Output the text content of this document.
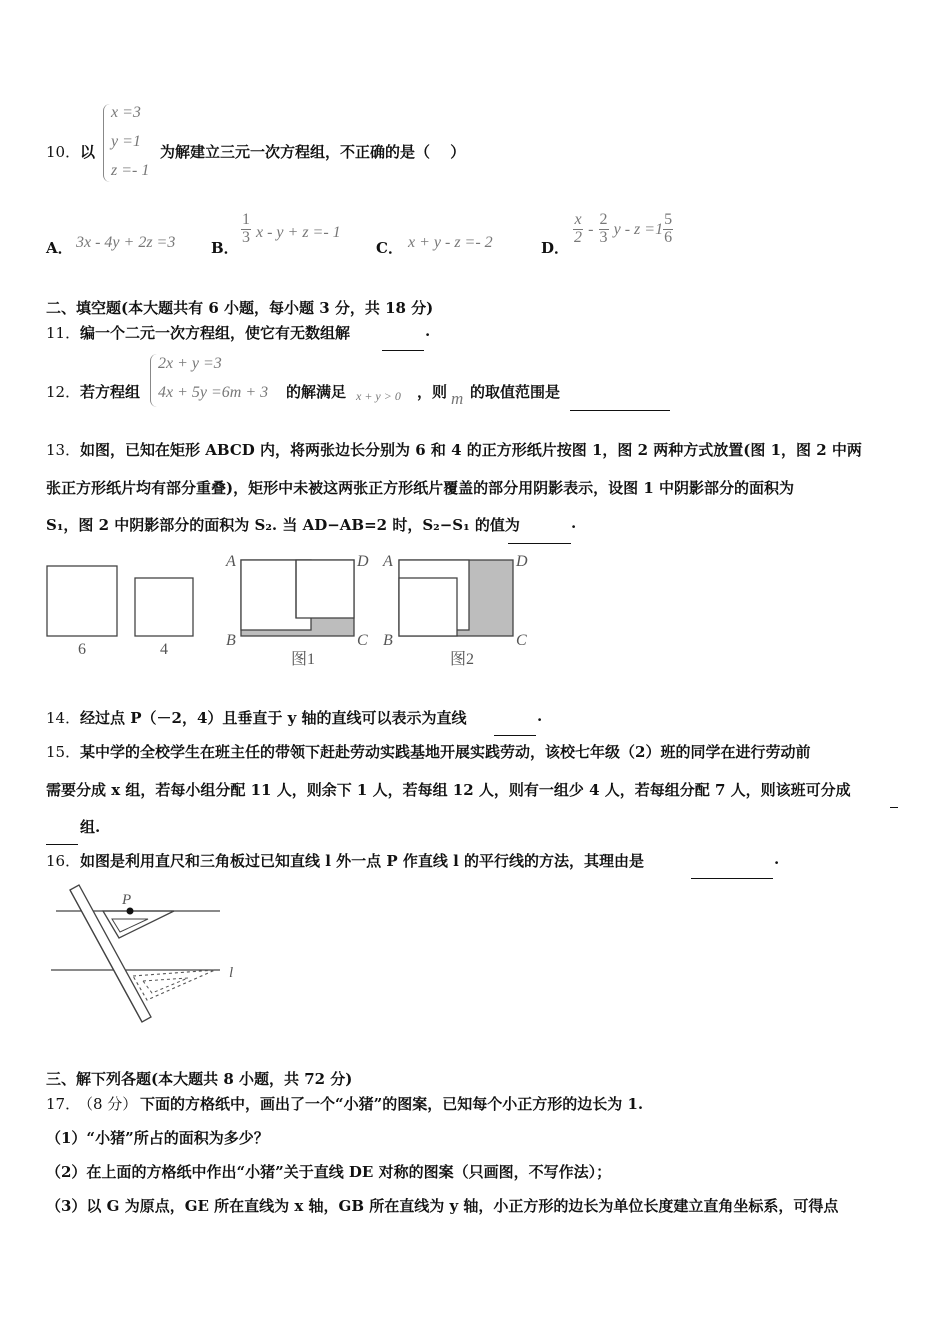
10． 以
x =3
y =1
z =- 1
为解建立三元一次方程组，不正确的是（　 ）
A． 3x - 4y + 2z =3 B．
$\frac{1}{3}$ x - y + z =- 1
C． x + y - z =- 2	D．
$\frac{x}{2} - \frac{2}{3}$ $y - z =1 \frac{5}{6}$
二、填空题(本大题共有 6 小题，每小题 3 分，共 18 分)
11． 编一个二元一次方程组，使它有无数组解	.
12． 若方程组
2x + y =3
4x + 5y =6m + 3 的解满足 x + y > 0 ，则 m 的取值范围是
13． 如图，已知在矩形 ABCD 内，将两张边长分别为 6 和 4 的正方形纸片按图 1，图 2 两种方式放置(图 1，图 2 中两
张正方形纸片均有部分重叠)，矩形中未被这两张正方形纸片覆盖的部分用阴影表示，设图 1 中阴影部分的面积为
S₁，图 2 中阴影部分的面积为 S₂. 当 AD−AB=2 时，S₂−S₁ 的值为	.
6	4
A	D
B	C
图1
A	D
B	C
图2
14． 经过点 P（－2，4）且垂直于 y 轴的直线可以表示为直线	.
15． 某中学的全校学生在班主任的带领下赶赴劳动实践基地开展实践劳动，该校七年级（2）班的同学在进行劳动前
需要分成 x 组，若每小组分配 11 人，则余下 1 人，若每组 12 人，则有一组少 4 人，若每组分配 7 人，则该班可分成
组.
16． 如图是利用直尺和三角板过已知直线 l 外一点 P 作直线 l 的平行线的方法，其理由是	.
P
l
三、解下列各题(本大题共 8 小题，共 72 分)
17．
（8 分） 下面的方格纸中，画出了一个“小猪”的图案，已知每个小正方形的边长为 1.
（1）“小猪”所占的面积为多少？
（2）在上面的方格纸中作出“小猪”关于直线 DE 对称的图案（只画图，不写作法）；
（3）以 G 为原点，GE 所在直线为 x 轴，GB 所在直线为 y 轴，小正方形的边长为单位长度建立直角坐标系，可得点
